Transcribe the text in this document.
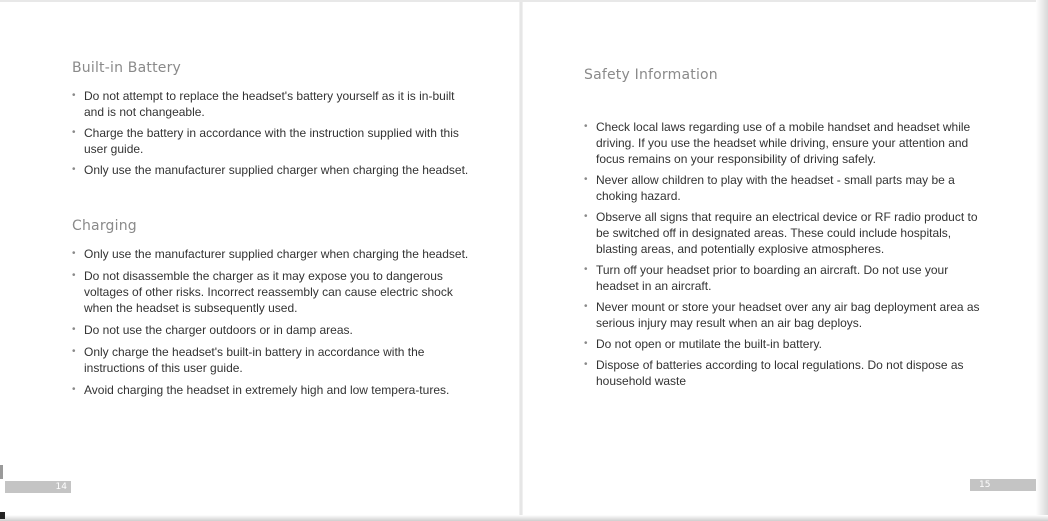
Built-in Battery
• Do not attempt to replace the headset's battery yourself as it is in-built and is not changeable.
• Charge the battery in accordance with the instruction supplied with this user guide.
• Only use the manufacturer supplied charger when charging the headset.
Charging
• Only use the manufacturer supplied charger when charging the headset.
• Do not disassemble the charger as it may expose you to dangerous voltages of other risks. Incorrect reassembly can cause electric shock when the headset is subsequently used.
• Do not use the charger outdoors or in damp areas.
• Only charge the headset's built-in battery in accordance with the instructions of this user guide.
• Avoid charging the headset in extremely high and low tempera-tures.
14
Safety Information
• Check local laws regarding use of a mobile handset and headset while driving. If you use the headset while driving, ensure your attention and focus remains on your responsibility of driving safely.
• Never allow children to play with the headset - small parts may be a choking hazard.
• Observe all signs that require an electrical device or RF radio product to be switched off in designated areas. These could include hospitals, blasting areas, and potentially explosive atmospheres.
• Turn off your headset prior to boarding an aircraft. Do not use your headset in an aircraft.
• Never mount or store your headset over any air bag deployment area as serious injury may result when an air bag deploys.
• Do not open or mutilate the built-in battery.
• Dispose of batteries according to local regulations. Do not dispose as household waste
15
